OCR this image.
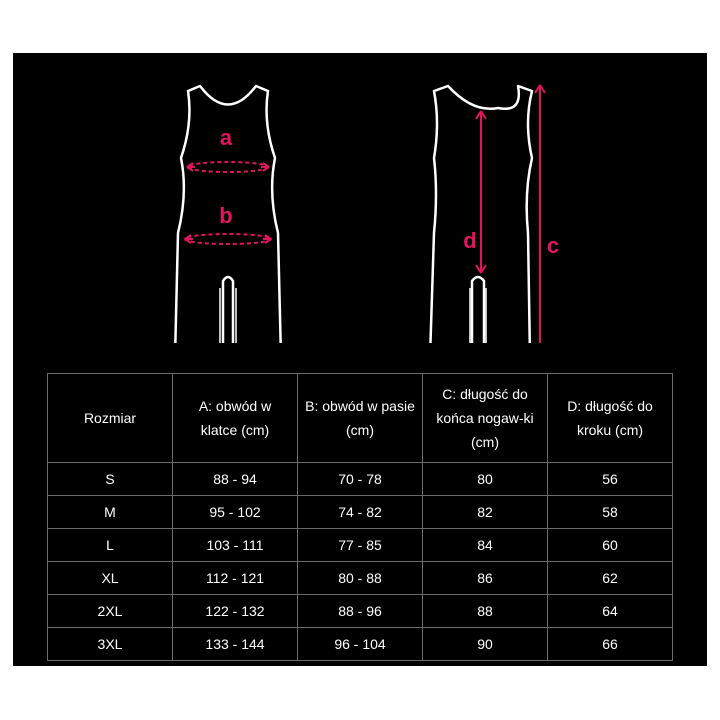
a
b
d	c
Rozmiar	A: obwód w klatce (cm)	B: obwód w pasie (cm)	C: długość do końca nogaw-ki (cm)	D: długość do kroku (cm)
S	88 - 94	70 - 78	80	56
M	95 - 102	74 - 82	82	58
L	103 - 111	77 - 85	84	60
XL	112 - 121	80 - 88	86	62
2XL	122 - 132	88 - 96	88	64
3XL	133 - 144	96 - 104	90	66
